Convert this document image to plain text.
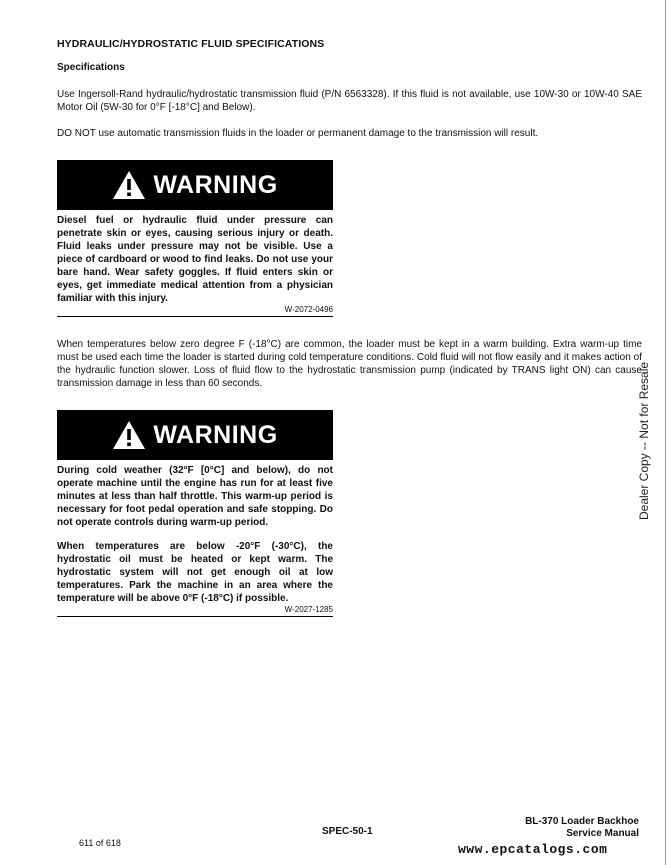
HYDRAULIC/HYDROSTATIC FLUID SPECIFICATIONS
Specifications
Use Ingersoll-Rand hydraulic/hydrostatic transmission fluid (P/N 6563328). If this fluid is not available, use 10W-30 or 10W-40 SAE Motor Oil (5W-30 for 0°F [-18°C] and Below).
DO NOT use automatic transmission fluids in the loader or permanent damage to the transmission will result.
WARNING

Diesel fuel or hydraulic fluid under pressure can penetrate skin or eyes, causing serious injury or death. Fluid leaks under pressure may not be visible. Use a piece of cardboard or wood to find leaks. Do not use your bare hand. Wear safety goggles. If fluid enters skin or eyes, get immediate medical attention from a physician familiar with this injury.

W-2072-0496
When temperatures below zero degree F (-18°C) are common, the loader must be kept in a warm building. Extra warm-up time must be used each time the loader is started during cold temperature conditions. Cold fluid will not flow easily and it makes action of the hydraulic function slower. Loss of fluid flow to the hydrostatic transmission pump (indicated by TRANS light ON) can cause transmission damage in less than 60 seconds.
WARNING

During cold weather (32°F [0°C] and below), do not operate machine until the engine has run for at least five minutes at less than half throttle. This warm-up period is necessary for foot pedal operation and safe stopping. Do not operate controls during warm-up period.

When temperatures are below -20°F (-30°C), the hydrostatic oil must be heated or kept warm. The hydrostatic system will not get enough oil at low temperatures. Park the machine in an area where the temperature will be above 0°F (-18°C) if possible.

W-2027-1285
Dealer Copy -- Not for Resale
BL-370 Loader Backhoe
Service Manual
SPEC-50-1
611 of 618	www.epcatalogs.com
